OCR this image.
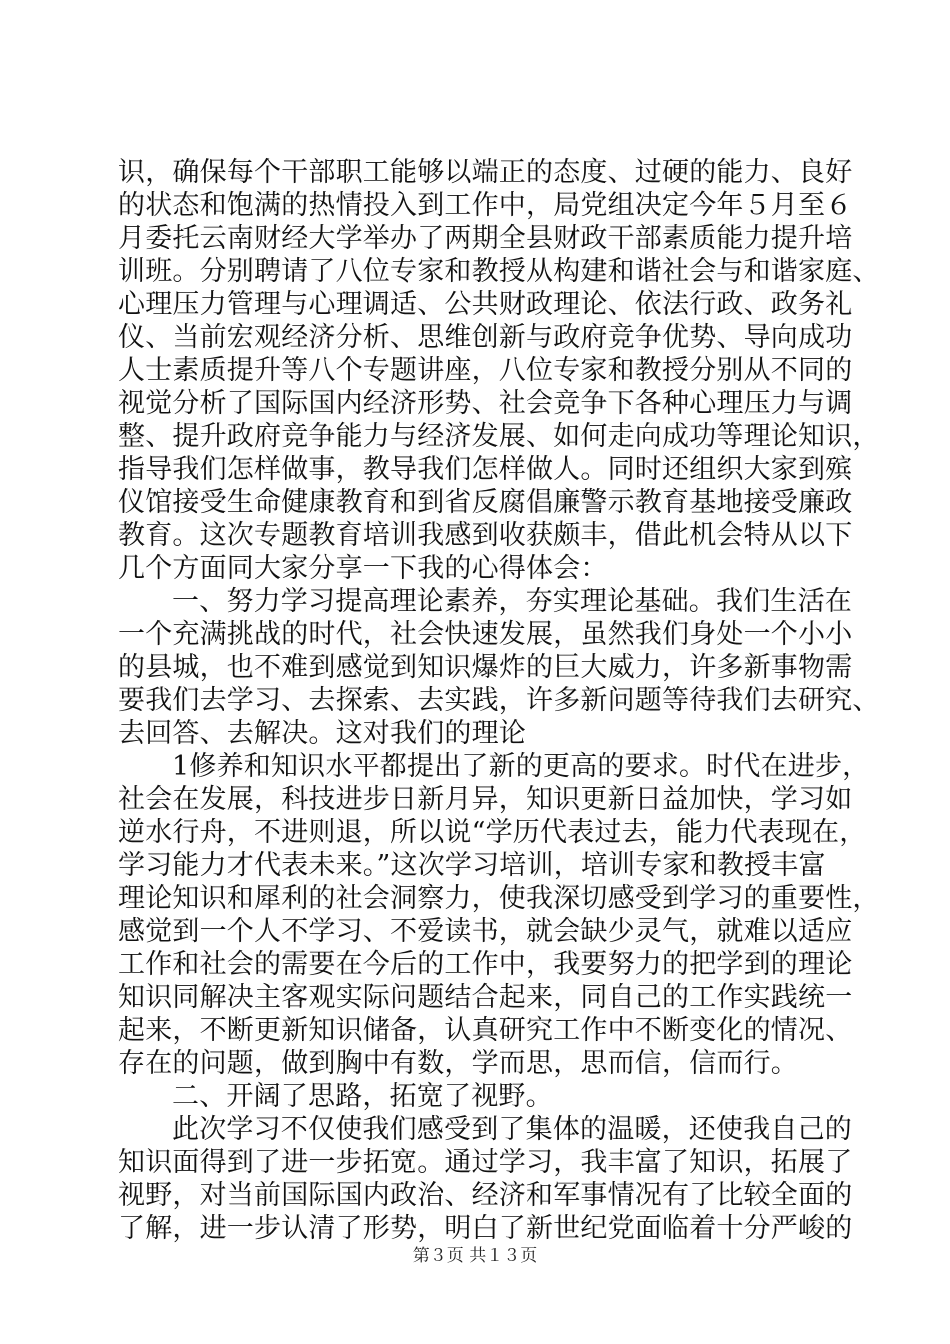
识，确保每个干部职工能够以端正的态度、过硬的能力、良好
的状态和饱满的热情投入到工作中，局党组决定今年５月至６
月委托云南财经大学举办了两期全县财政干部素质能力提升培
训班。分别聘请了八位专家和教授从构建和谐社会与和谐家庭、
心理压力管理与心理调适、公共财政理论、依法行政、政务礼
仪、当前宏观经济分析、思维创新与政府竞争优势、导向成功
人士素质提升等八个专题讲座，八位专家和教授分别从不同的
视觉分析了国际国内经济形势、社会竞争下各种心理压力与调
整、提升政府竞争能力与经济发展、如何走向成功等理论知识，
指导我们怎样做事，教导我们怎样做人。同时还组织大家到殡
仪馆接受生命健康教育和到省反腐倡廉警示教育基地接受廉政
教育。这次专题教育培训我感到收获颇丰，借此机会特从以下
几个方面同大家分享一下我的心得体会：
一、努力学习提高理论素养，夯实理论基础。我们生活在
一个充满挑战的时代，社会快速发展，虽然我们身处一个小小
的县城，也不难到感觉到知识爆炸的巨大威力，许多新事物需
要我们去学习、去探索、去实践，许多新问题等待我们去研究、
去回答、去解决。这对我们的理论
1修养和知识水平都提出了新的更高的要求。时代在进步，
社会在发展，科技进步日新月异，知识更新日益加快，学习如
逆水行舟，不进则退，所以说“学历代表过去，能力代表现在，
学习能力才代表未来。”这次学习培训，培训专家和教授丰富
理论知识和犀利的社会洞察力，使我深切感受到学习的重要性，
感觉到一个人不学习、不爱读书，就会缺少灵气，就难以适应
工作和社会的需要在今后的工作中，我要努力的把学到的理论
知识同解决主客观实际问题结合起来，同自己的工作实践统一
起来，不断更新知识储备，认真研究工作中不断变化的情况、
存在的问题，做到胸中有数，学而思，思而信，信而行。
二、开阔了思路，拓宽了视野。
此次学习不仅使我们感受到了集体的温暖，还使我自己的
知识面得到了进一步拓宽。通过学习，我丰富了知识，拓展了
视野，对当前国际国内政治、经济和军事情况有了比较全面的
了解，进一步认清了形势，明白了新世纪党面临着十分严峻的
第３页 共１３页
